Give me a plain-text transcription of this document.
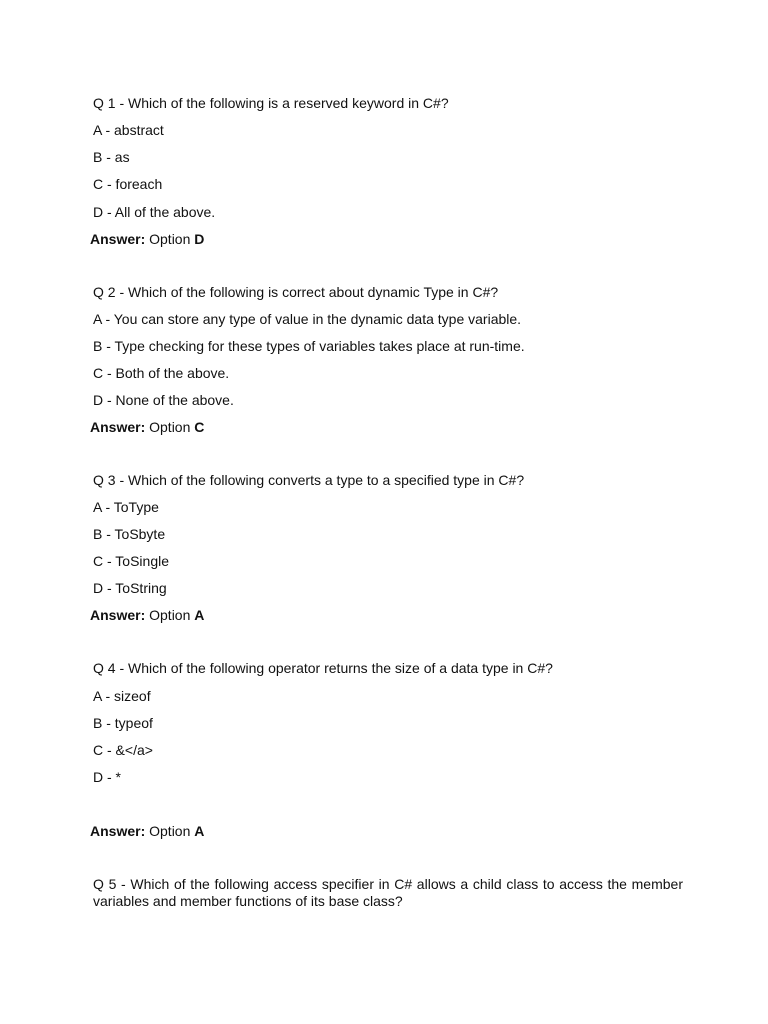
Q 1 - Which of the following is a reserved keyword in C#?
A - abstract
B - as
C - foreach
D - All of the above.
Answer: Option D
Q 2 - Which of the following is correct about dynamic Type in C#?
A - You can store any type of value in the dynamic data type variable.
B - Type checking for these types of variables takes place at run-time.
C - Both of the above.
D - None of the above.
Answer: Option C
Q 3 - Which of the following converts a type to a specified type in C#?
A - ToType
B - ToSbyte
C - ToSingle
D - ToString
Answer: Option A
Q 4 - Which of the following operator returns the size of a data type in C#?
A - sizeof
B - typeof
C - &</a>
D - *
Answer: Option A
Q 5 - Which of the following access specifier in C# allows a child class to access the member variables and member functions of its base class?
